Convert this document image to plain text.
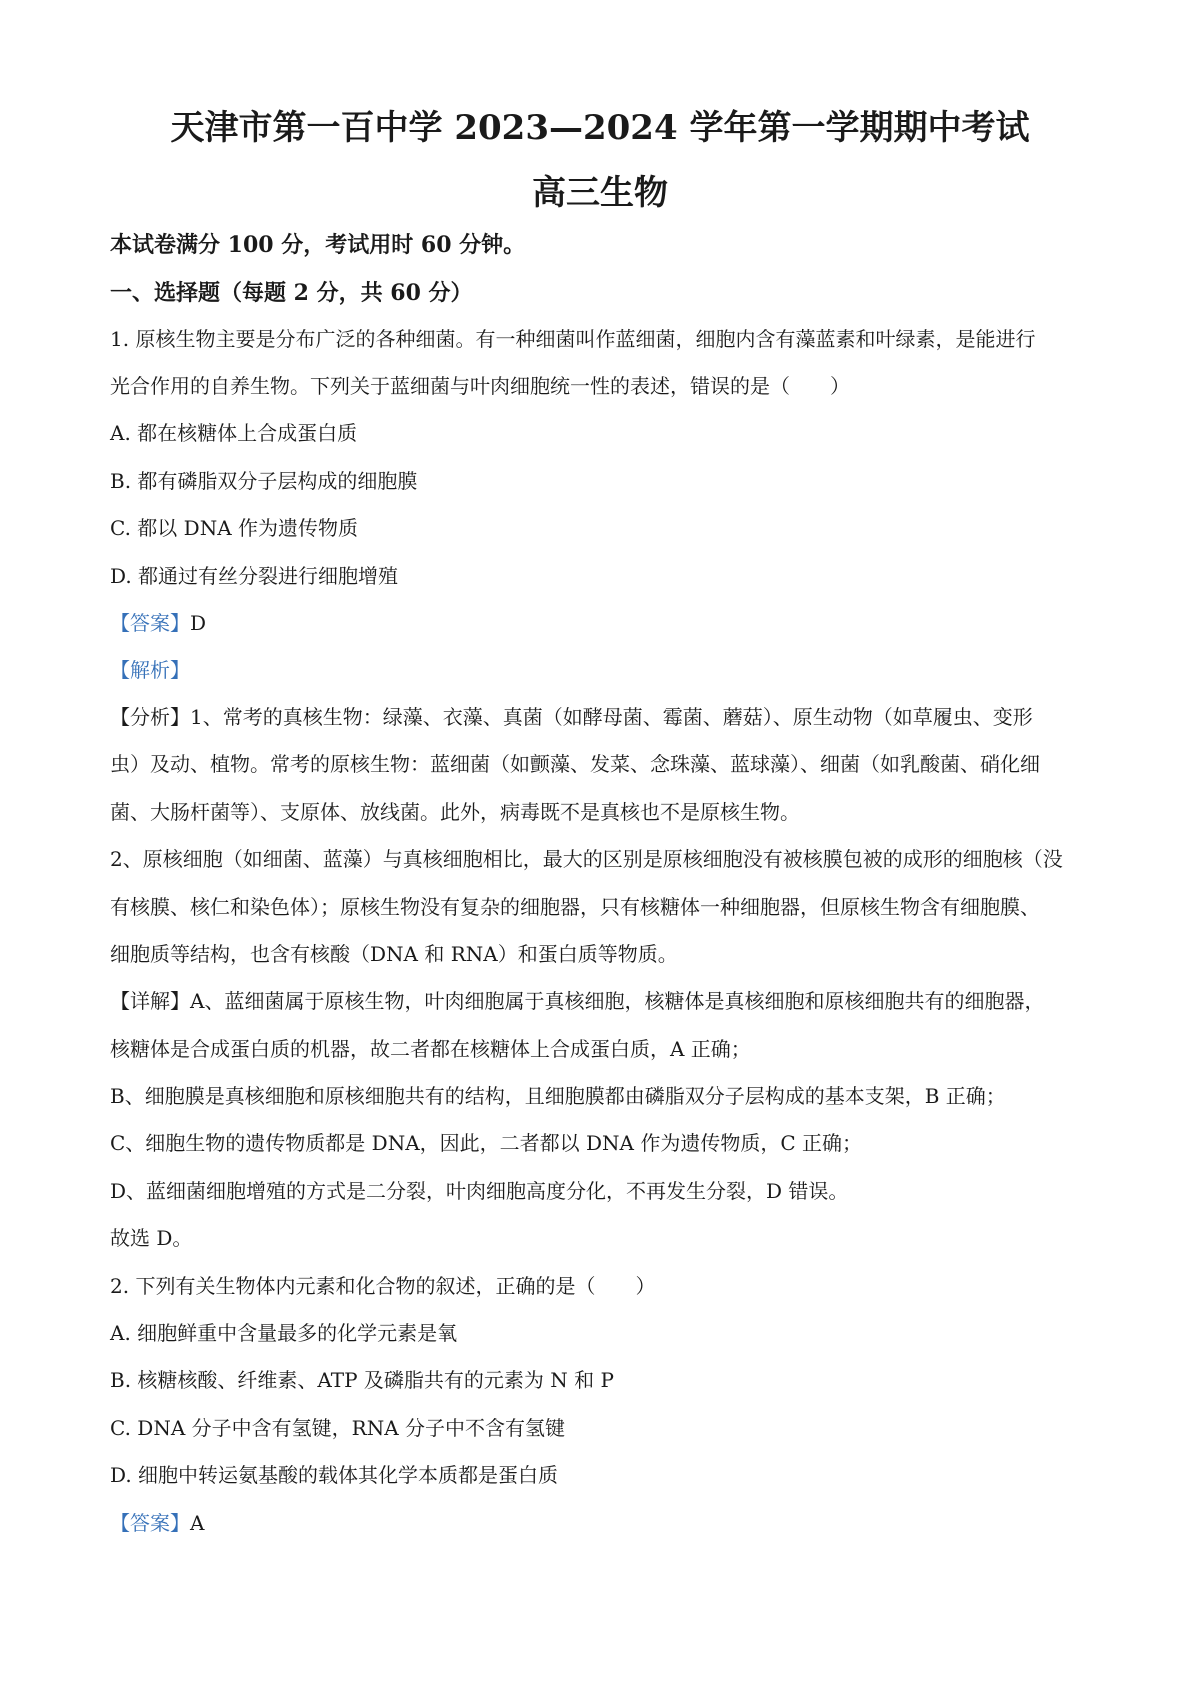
天津市第一百中学 2023—2024 学年第一学期期中考试
高三生物
本试卷满分 100 分，考试用时 60 分钟。
一、选择题（每题 2 分，共 60 分）
1. 原核生物主要是分布广泛的各种细菌。有一种细菌叫作蓝细菌，细胞内含有藻蓝素和叶绿素，是能进行
光合作用的自养生物。下列关于蓝细菌与叶肉细胞统一性的表述，错误的是（　　）
A. 都在核糖体上合成蛋白质
B. 都有磷脂双分子层构成的细胞膜
C. 都以 DNA 作为遗传物质
D. 都通过有丝分裂进行细胞增殖
【答案】D
【解析】
【分析】1、常考的真核生物：绿藻、衣藻、真菌（如酵母菌、霉菌、蘑菇）、原生动物（如草履虫、变形
虫）及动、植物。常考的原核生物：蓝细菌（如颤藻、发菜、念珠藻、蓝球藻）、细菌（如乳酸菌、硝化细
菌、大肠杆菌等）、支原体、放线菌。此外，病毒既不是真核也不是原核生物。
2、原核细胞（如细菌、蓝藻）与真核细胞相比，最大的区别是原核细胞没有被核膜包被的成形的细胞核（没
有核膜、核仁和染色体）；原核生物没有复杂的细胞器，只有核糖体一种细胞器，但原核生物含有细胞膜、
细胞质等结构，也含有核酸（DNA 和 RNA）和蛋白质等物质。
【详解】A、蓝细菌属于原核生物，叶肉细胞属于真核细胞，核糖体是真核细胞和原核细胞共有的细胞器，
核糖体是合成蛋白质的机器，故二者都在核糖体上合成蛋白质，A 正确；
B、细胞膜是真核细胞和原核细胞共有的结构，且细胞膜都由磷脂双分子层构成的基本支架，B 正确；
C、细胞生物的遗传物质都是 DNA，因此，二者都以 DNA 作为遗传物质，C 正确；
D、蓝细菌细胞增殖的方式是二分裂，叶肉细胞高度分化，不再发生分裂，D 错误。
故选 D。
2. 下列有关生物体内元素和化合物的叙述，正确的是（　　）
A. 细胞鲜重中含量最多的化学元素是氧
B. 核糖核酸、纤维素、ATP 及磷脂共有的元素为 N 和 P
C. DNA 分子中含有氢键，RNA 分子中不含有氢键
D. 细胞中转运氨基酸的载体其化学本质都是蛋白质
【答案】A
